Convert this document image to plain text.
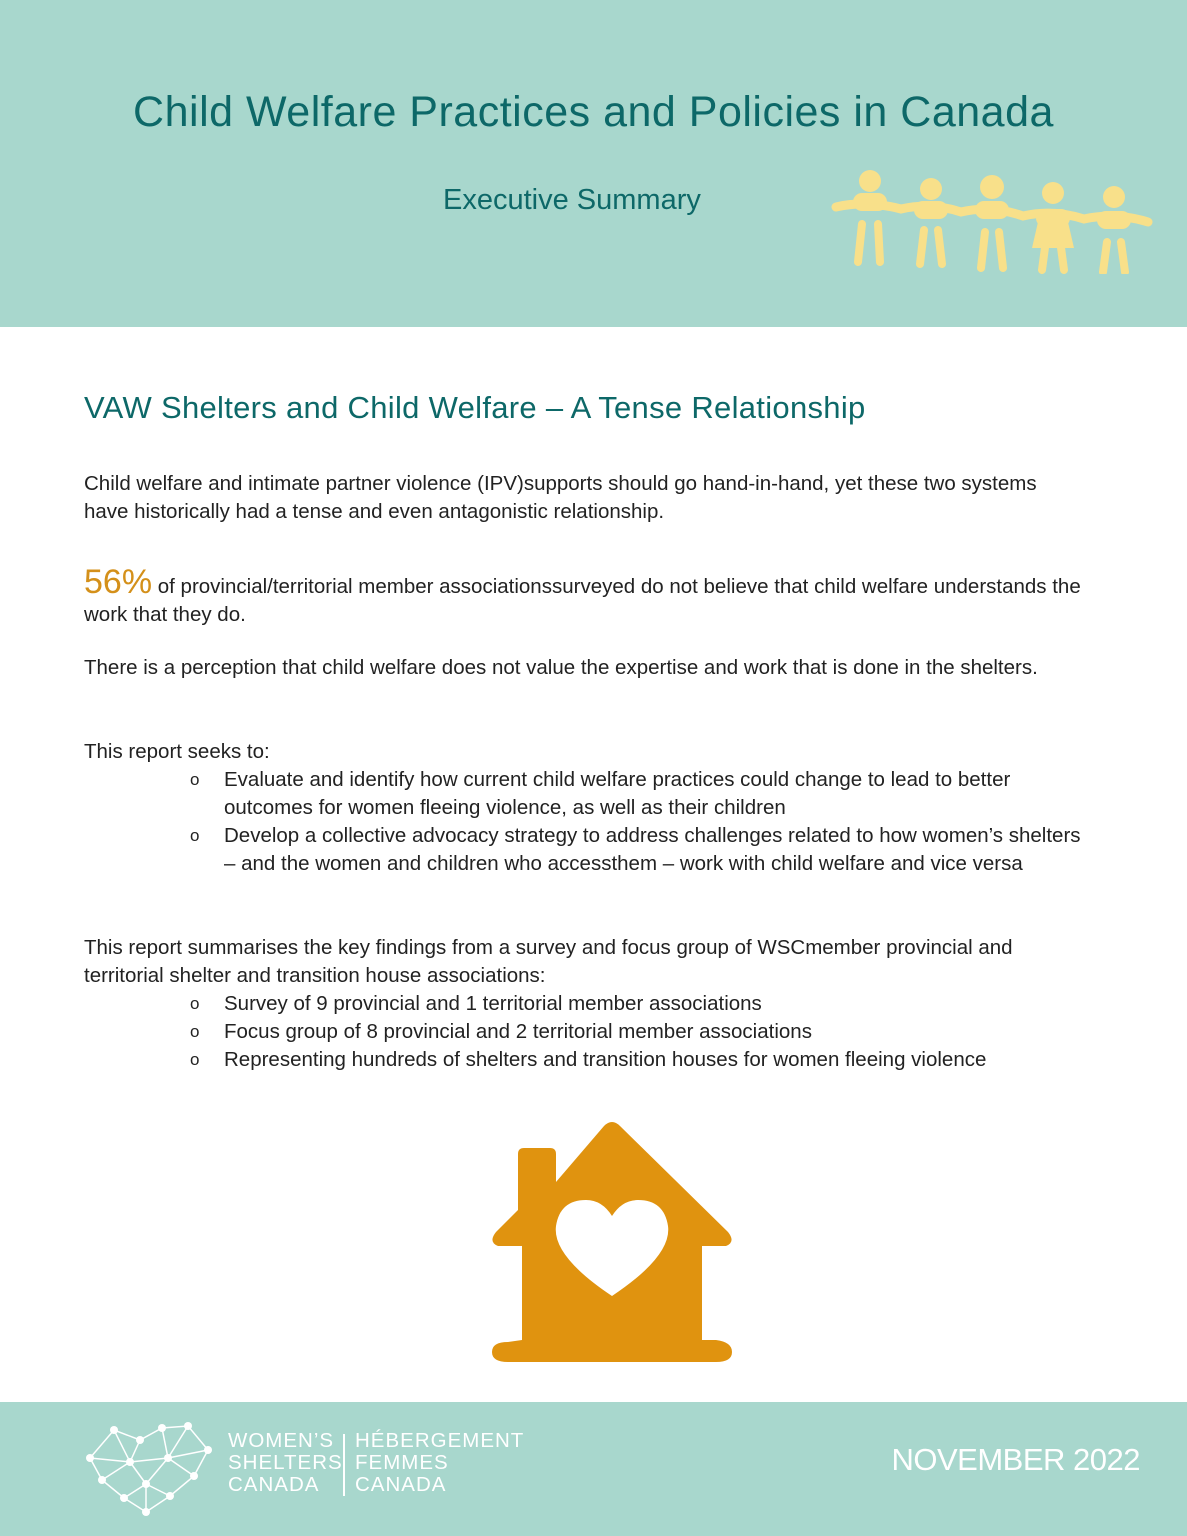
Child Welfare Practices and Policies in Canada
Executive Summary
VAW Shelters and Child Welfare – A Tense Relationship

Child welfare and intimate partner violence (IPV)supports should go hand-in-hand, yet these two systems have historically had a tense and even antagonistic relationship.

56% of provincial/territorial member associationssurveyed do not believe that child welfare understands the work that they do.

There is a perception that child welfare does not value the expertise and work that is done in the shelters.

This report seeks to:

o Evaluate and identify how current child welfare practices could change to lead to better outcomes for women fleeing violence, as well as their children
o Develop a collective advocacy strategy to address challenges related to how women’s shelters – and the women and children who accessthem – work with child welfare and vice versa

This report summarises the key findings from a survey and focus group of WSCmember provincial and territorial shelter and transition house associations:

o Survey of 9 provincial and 1 territorial member associations
o Focus group of 8 provincial and 2 territorial member associations
o Representing hundreds of shelters and transition houses for women fleeing violence
WOMEN’S
SHELTERS
CANADA
HÉBERGEMENT
FEMMES
CANADA
NOVEMBER 2022
